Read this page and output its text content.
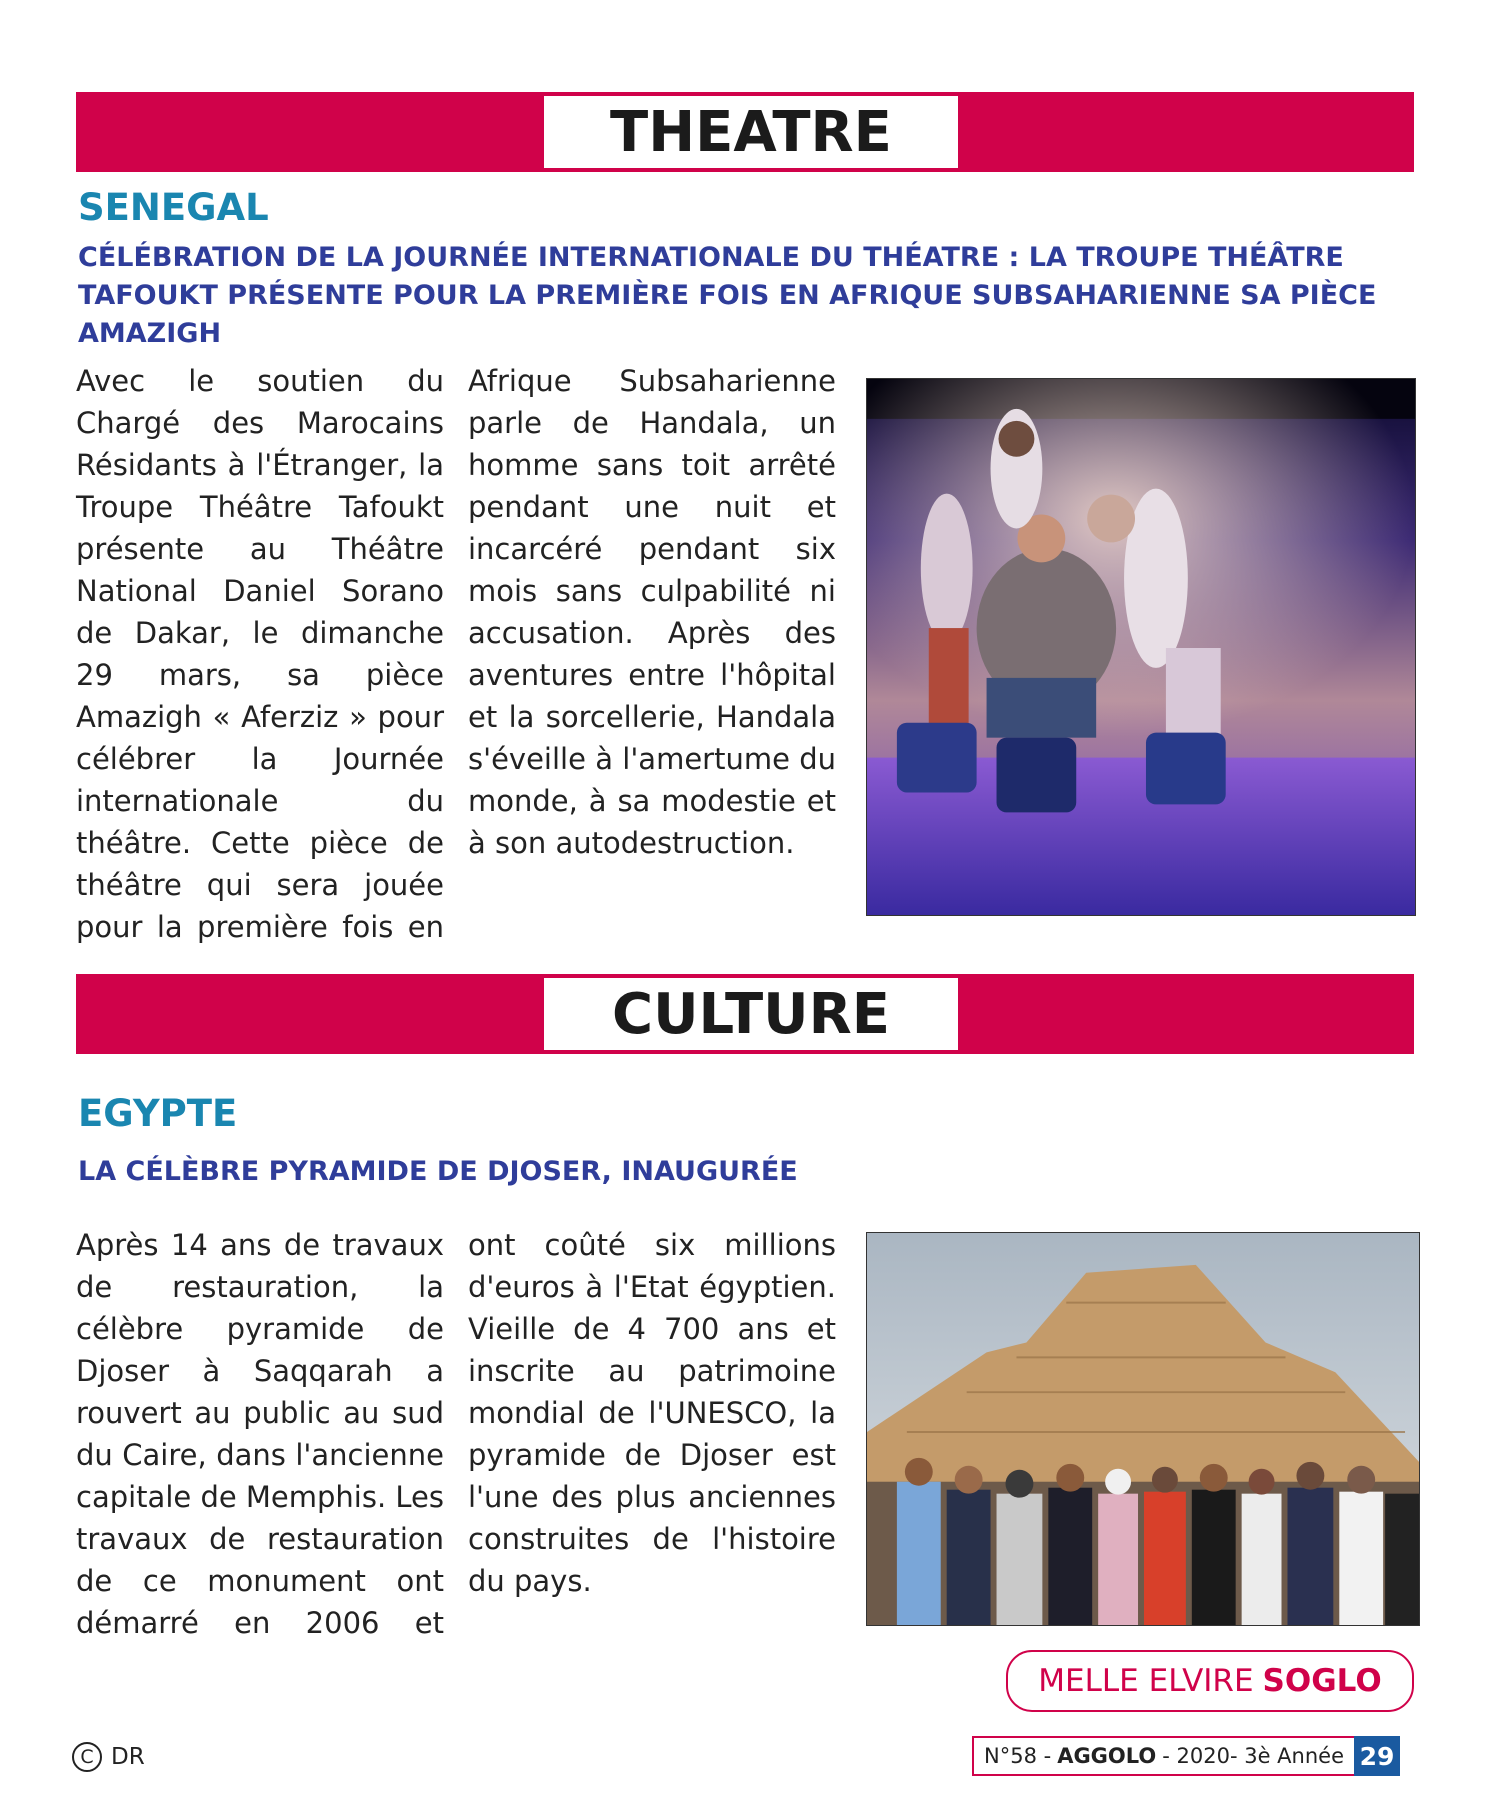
THEATRE
SENEGAL
CÉLÉBRATION DE LA JOURNÉE INTERNATIONALE DU THÉATRE : LA TROUPE THÉÂTRE TAFOUKT PRÉSENTE POUR LA PREMIÈRE FOIS EN AFRIQUE SUBSAHARIENNE SA PIÈCE AMAZIGH
Avec le soutien du Chargé des Marocains Résidants à l'Étranger, la Troupe Théâtre Tafoukt présente au Théâtre National Daniel Sorano de Dakar, le dimanche 29 mars, sa pièce Amazigh « Aferziz » pour célébrer la Journée internationale du théâtre. Cette pièce de théâtre qui sera jouée pour la première fois en
Afrique Subsaharienne parle de Handala, un homme sans toit arrêté pendant une nuit et incarcéré pendant six mois sans culpabilité ni accusation. Après des aventures entre l'hôpital et la sorcellerie, Handala s'éveille à l'amertume du monde, à sa modestie et à son autodestruction.
CULTURE
EGYPTE
LA CÉLÈBRE PYRAMIDE DE DJOSER, INAUGURÉE
Après 14 ans de travaux de restauration, la célèbre pyramide de Djoser à Saqqarah a rouvert au public au sud du Caire, dans l'ancienne capitale de Memphis. Les travaux de restauration de ce monument ont démarré en 2006 et
ont coûté six millions d'euros à l'Etat égyptien. Vieille de 4 700 ans et inscrite au patrimoine mondial de l'UNESCO, la pyramide de Djoser est l'une des plus anciennes construites de l'histoire du pays.
MELLE ELVIRE SOGLO
C DR	N°58 - AGGOLO - 2020- 3è Année 29
